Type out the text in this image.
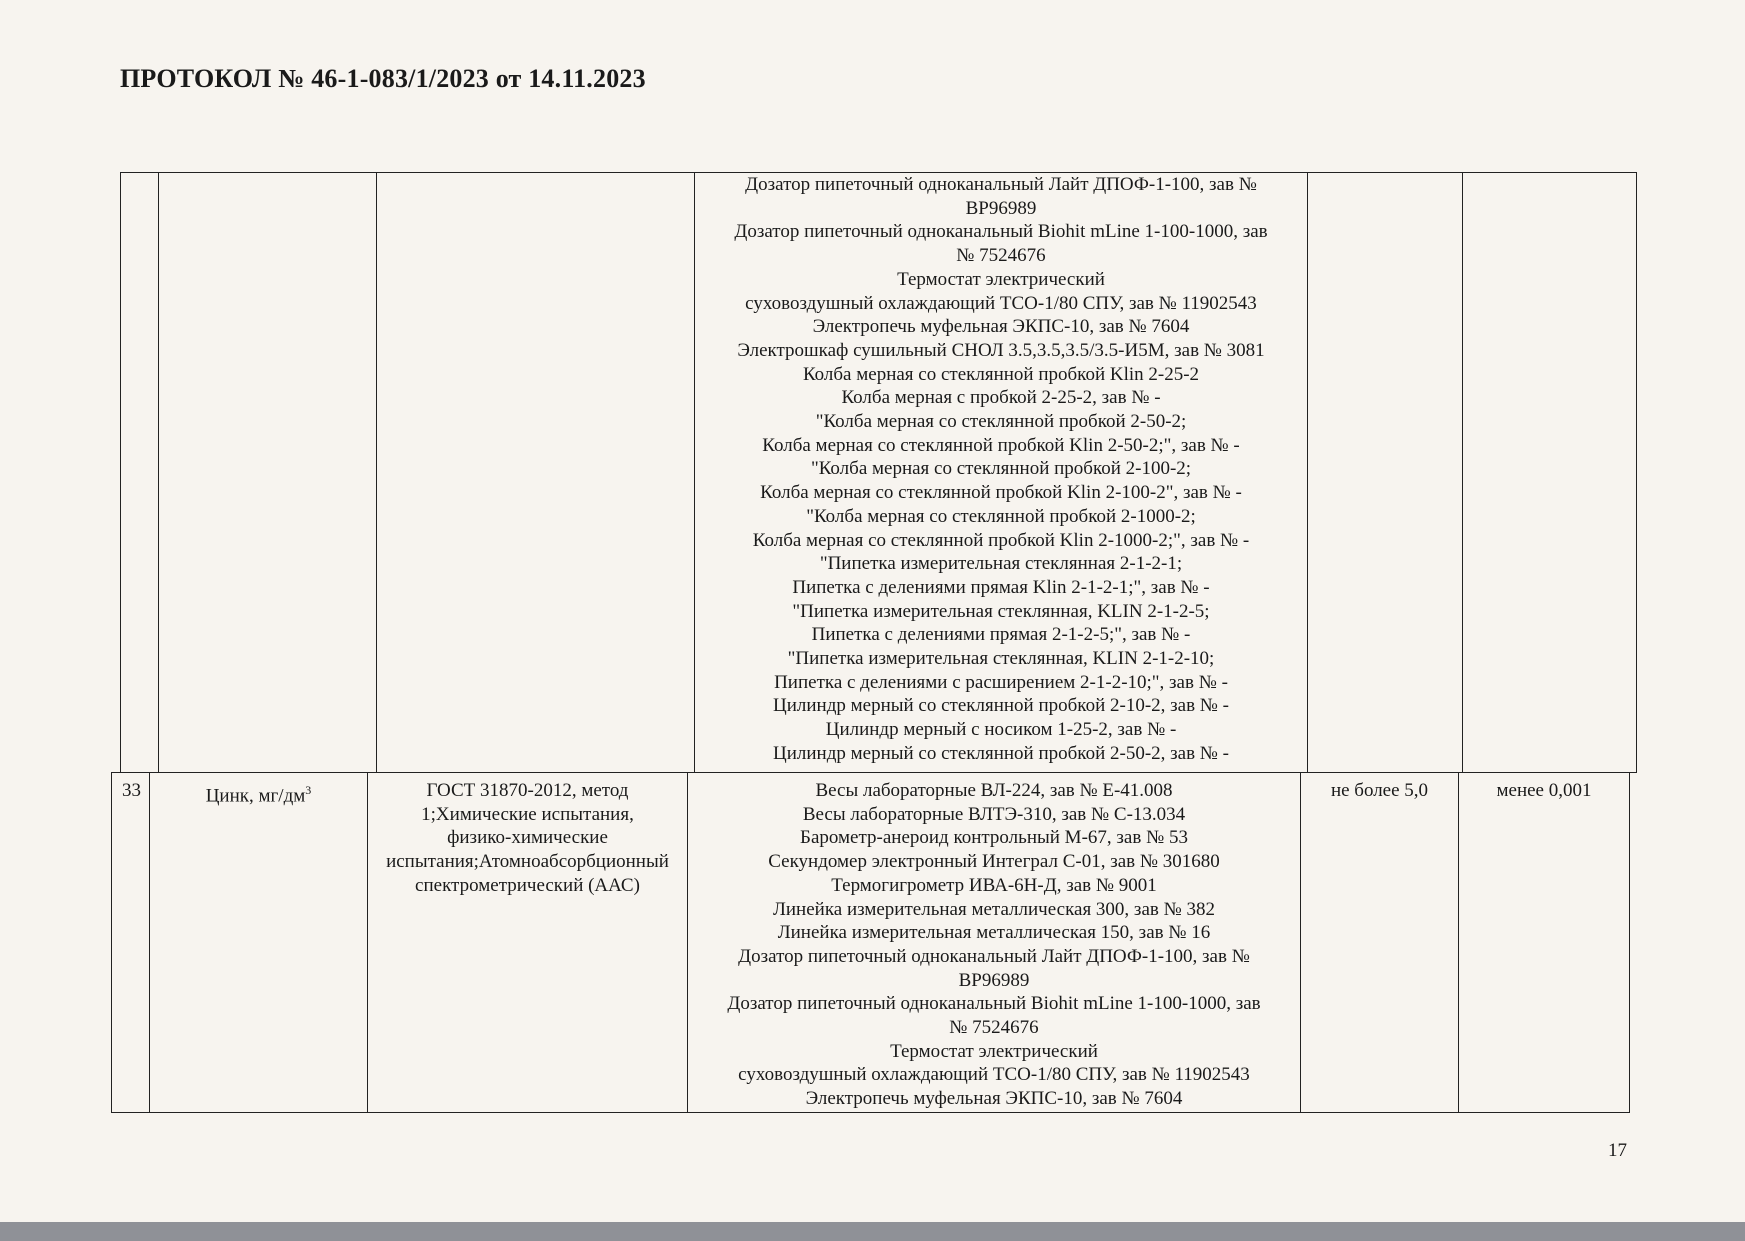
ПРОТОКОЛ № 46-1-083/1/2023 от 14.11.2023
			Дозатор пипеточный одноканальный Лайт ДПОФ-1-100, зав №
BP96989
Дозатор пипеточный одноканальный Biohit mLine 1-100-1000, зав
№ 7524676
Термостат электрический
суховоздушный охлаждающий ТСО-1/80 СПУ, зав № 11902543
Электропечь муфельная ЭКПС-10, зав № 7604
Электрошкаф сушильный СНОЛ 3.5,3.5,3.5/3.5-И5М, зав № 3081
Колба мерная со стеклянной пробкой Klin 2-25-2
Колба мерная с пробкой 2-25-2, зав № -
"Колба мерная со стеклянной пробкой 2-50-2;
Колба мерная со стеклянной пробкой Klin 2-50-2;", зав № -
"Колба мерная со стеклянной пробкой 2-100-2;
Колба мерная со стеклянной пробкой Klin 2-100-2", зав № -
"Колба мерная со стеклянной пробкой 2-1000-2;
Колба мерная со стеклянной пробкой Klin 2-1000-2;", зав № -
"Пипетка измерительная стеклянная 2-1-2-1;
Пипетка с делениями прямая Klin 2-1-2-1;", зав № -
"Пипетка измерительная стеклянная, KLIN 2-1-2-5;
Пипетка с делениями прямая 2-1-2-5;", зав № -
"Пипетка измерительная стеклянная, KLIN 2-1-2-10;
Пипетка с делениями с расширением 2-1-2-10;", зав № -
Цилиндр мерный со стеклянной пробкой 2-10-2, зав № -
Цилиндр мерный с носиком 1-25-2, зав № -
Цилиндр мерный со стеклянной пробкой 2-50-2, зав № -		
33	Цинк, $мг/дм^3$	ГОСТ 31870-2012, метод
1;Химические испытания,
физико-химические
испытания;Атомноабсорбционный
спектрометрический (ААС)	Весы лабораторные ВЛ-224, зав № Е-41.008
Весы лабораторные ВЛТЭ-310, зав № С-13.034
Барометр-анероид контрольный М-67, зав № 53
Секундомер электронный Интеграл С-01, зав № 301680
Термогигрометр ИВА-6Н-Д, зав № 9001
Линейка измерительная металлическая 300, зав № 382
Линейка измерительная металлическая 150, зав № 16
Дозатор пипеточный одноканальный Лайт ДПОФ-1-100, зав №
BP96989
Дозатор пипеточный одноканальный Biohit mLine 1-100-1000, зав
№ 7524676
Термостат электрический
суховоздушный охлаждающий ТСО-1/80 СПУ, зав № 11902543
Электропечь муфельная ЭКПС-10, зав № 7604	не более 5,0	менее 0,001
17
